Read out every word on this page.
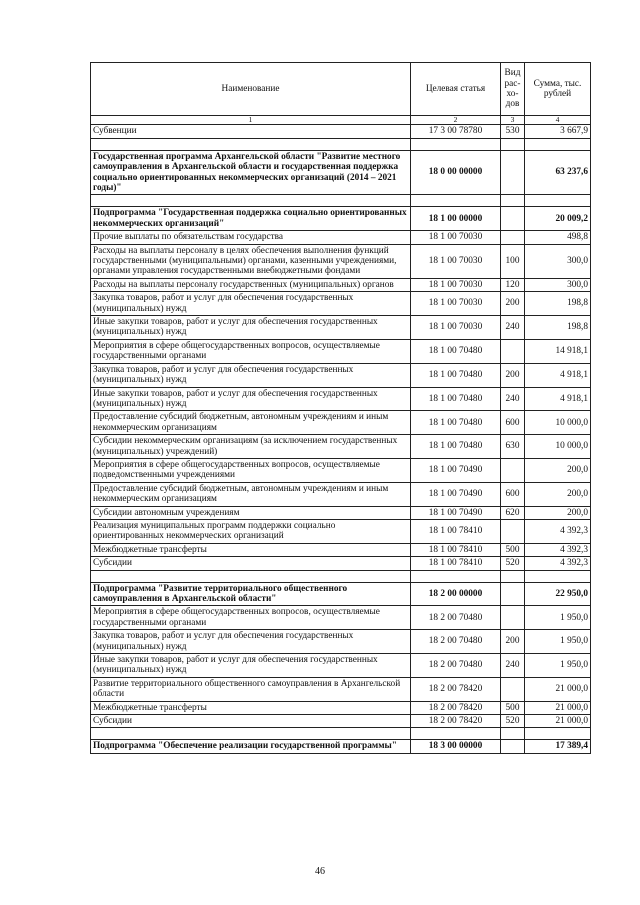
Наименование	Целевая статья	Вид рас-хо-дов	Сумма, тыс. рублей
1	2	3	4
Субвенции	17 3 00 78780	530	3 667,9

Государственная программа Архангельской области "Развитие местного самоуправления в Архангельской области и государственная поддержка социально ориентированных некоммерческих организаций (2014 – 2021 годы)"	18 0 00 00000		63 237,6

Подпрограмма "Государственная поддержка социально ориентированных некоммерческих организаций"	18 1 00 00000		20 009,2
Прочие выплаты по обязательствам государства	18 1 00 70030		498,8
Расходы на выплаты персоналу в целях обеспечения выполнения функций государственными (муниципальными) органами, казенными учреждениями, органами управления государственными внебюджетными фондами	18 1 00 70030	100	300,0
Расходы на выплаты персоналу государственных (муниципальных) органов	18 1 00 70030	120	300,0
Закупка товаров, работ и услуг для обеспечения государственных (муниципальных) нужд	18 1 00 70030	200	198,8
Иные закупки товаров, работ и услуг для обеспечения государственных (муниципальных) нужд	18 1 00 70030	240	198,8
Мероприятия в сфере общегосударственных вопросов, осуществляемые государственными органами	18 1 00 70480		14 918,1
Закупка товаров, работ и услуг для обеспечения государственных (муниципальных) нужд	18 1 00 70480	200	4 918,1
Иные закупки товаров, работ и услуг для обеспечения государственных (муниципальных) нужд	18 1 00 70480	240	4 918,1
Предоставление субсидий бюджетным, автономным учреждениям и иным некоммерческим организациям	18 1 00 70480	600	10 000,0
Субсидии некоммерческим организациям (за исключением государственных (муниципальных) учреждений)	18 1 00 70480	630	10 000,0
Мероприятия в сфере общегосударственных вопросов, осуществляемые подведомственными учреждениями	18 1 00 70490		200,0
Предоставление субсидий бюджетным, автономным учреждениям и иным некоммерческим организациям	18 1 00 70490	600	200,0
Субсидии автономным учреждениям	18 1 00 70490	620	200,0
Реализация муниципальных программ поддержки социально ориентированных некоммерческих организаций	18 1 00 78410		4 392,3
Межбюджетные трансферты	18 1 00 78410	500	4 392,3
Субсидии	18 1 00 78410	520	4 392,3

Подпрограмма "Развитие территориального общественного самоуправления в Архангельской области"	18 2 00 00000		22 950,0
Мероприятия в сфере общегосударственных вопросов, осуществляемые государственными органами	18 2 00 70480		1 950,0
Закупка товаров, работ и услуг для обеспечения государственных (муниципальных) нужд	18 2 00 70480	200	1 950,0
Иные закупки товаров, работ и услуг для обеспечения государственных (муниципальных) нужд	18 2 00 70480	240	1 950,0
Развитие территориального общественного самоуправления в Архангельской области	18 2 00 78420		21 000,0
Межбюджетные трансферты	18 2 00 78420	500	21 000,0
Субсидии	18 2 00 78420	520	21 000,0

Подпрограмма "Обеспечение реализации государственной программы"	18 3 00 00000		17 389,4
46
